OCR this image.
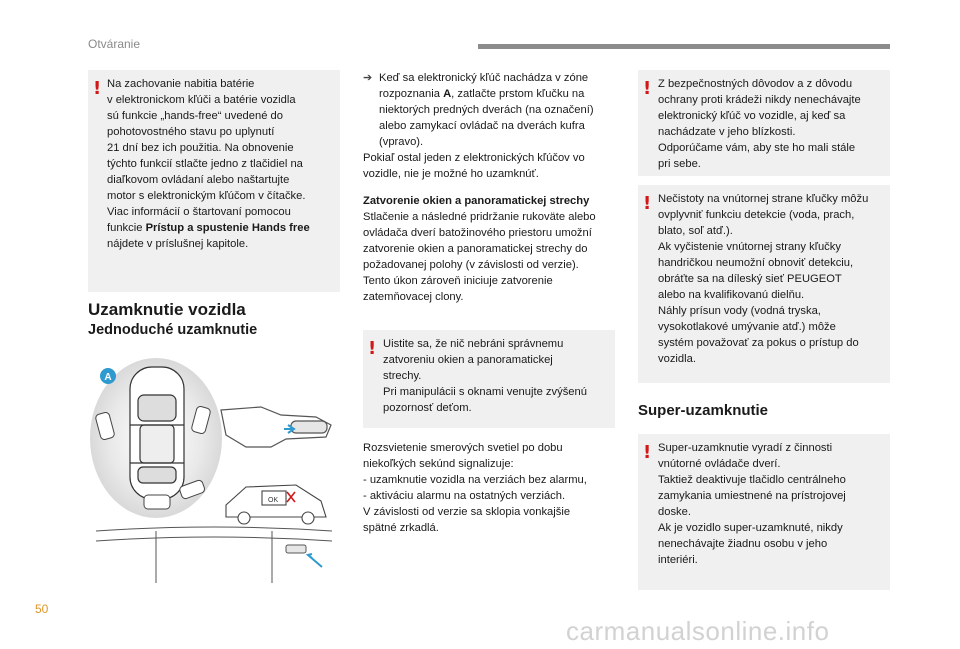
Otváranie
! Na zachovanie nabitia batérie
v elektronickom kľúči a batérie vozidla
sú funkcie „hands-free“ uvedené do
pohotovostného stavu po uplynutí
21 dní bez ich použitia. Na obnovenie
týchto funkcií stlačte jedno z tlačidiel na
diaľkovom ovládaní alebo naštartujte
motor s elektronickým kľúčom v čítačke.
Viac informácií o štartovaní pomocou
funkcie Prístup a spustenie Hands free
nájdete v príslušnej kapitole.
Uzamknutie vozidla
Jednoduché uzamknutie
A
OK
➔ Keď sa elektronický kľúč nachádza v zóne
rozpoznania A, zatlačte prstom kľučku na
niektorých predných dverách (na označení)
alebo zamykací ovládač na dverách kufra
(vpravo).
Pokiaľ ostal jeden z elektronických kľúčov vo
vozidle, nie je možné ho uzamknúť.
Zatvorenie okien a panoramatickej strechy
Stlačenie a následné pridržanie rukoväte alebo
ovládača dverí batožinového priestoru umožní
zatvorenie okien a panoramatickej strechy do
požadovanej polohy (v závislosti od verzie).
Tento úkon zároveň iniciuje zatvorenie
zatemňovacej clony.
! Uistite sa, že nič nebráni správnemu
zatvoreniu okien a panoramatickej
strechy.
Pri manipulácii s oknami venujte zvýšenú
pozornosť deťom.
Rozsvietenie smerových svetiel po dobu
niekoľkých sekúnd signalizuje:
- uzamknutie vozidla na verziách bez alarmu,
- aktiváciu alarmu na ostatných verziách.
V závislosti od verzie sa sklopia vonkajšie
spätné zrkadlá.
! Z bezpečnostných dôvodov a z dôvodu
ochrany proti krádeži nikdy nenechávajte
elektronický kľúč vo vozidle, aj keď sa
nachádzate v jeho blízkosti.
Odporúčame vám, aby ste ho mali stále
pri sebe.
! Nečistoty na vnútornej strane kľučky môžu
ovplyvniť funkciu detekcie (voda, prach,
blato, soľ atď.).
Ak vyčistenie vnútornej strany kľučky
handričkou neumožní obnoviť detekciu,
obráťte sa na díleský sieť PEUGEOT
alebo na kvalifikovanú dielňu.
Náhly prísun vody (vodná tryska,
vysokotlakové umývanie atď.) môže
systém považovať za pokus o prístup do
vozidla.
Super-uzamknutie
! Super-uzamknutie vyradí z činnosti
vnútorné ovládače dverí.
Taktiež deaktivuje tlačidlo centrálneho
zamykania umiestnené na prístrojovej
doske.
Ak je vozidlo super-uzamknuté, nikdy
nenechávajte žiadnu osobu v jeho
interiéri.
50
carmanualsonline.info
